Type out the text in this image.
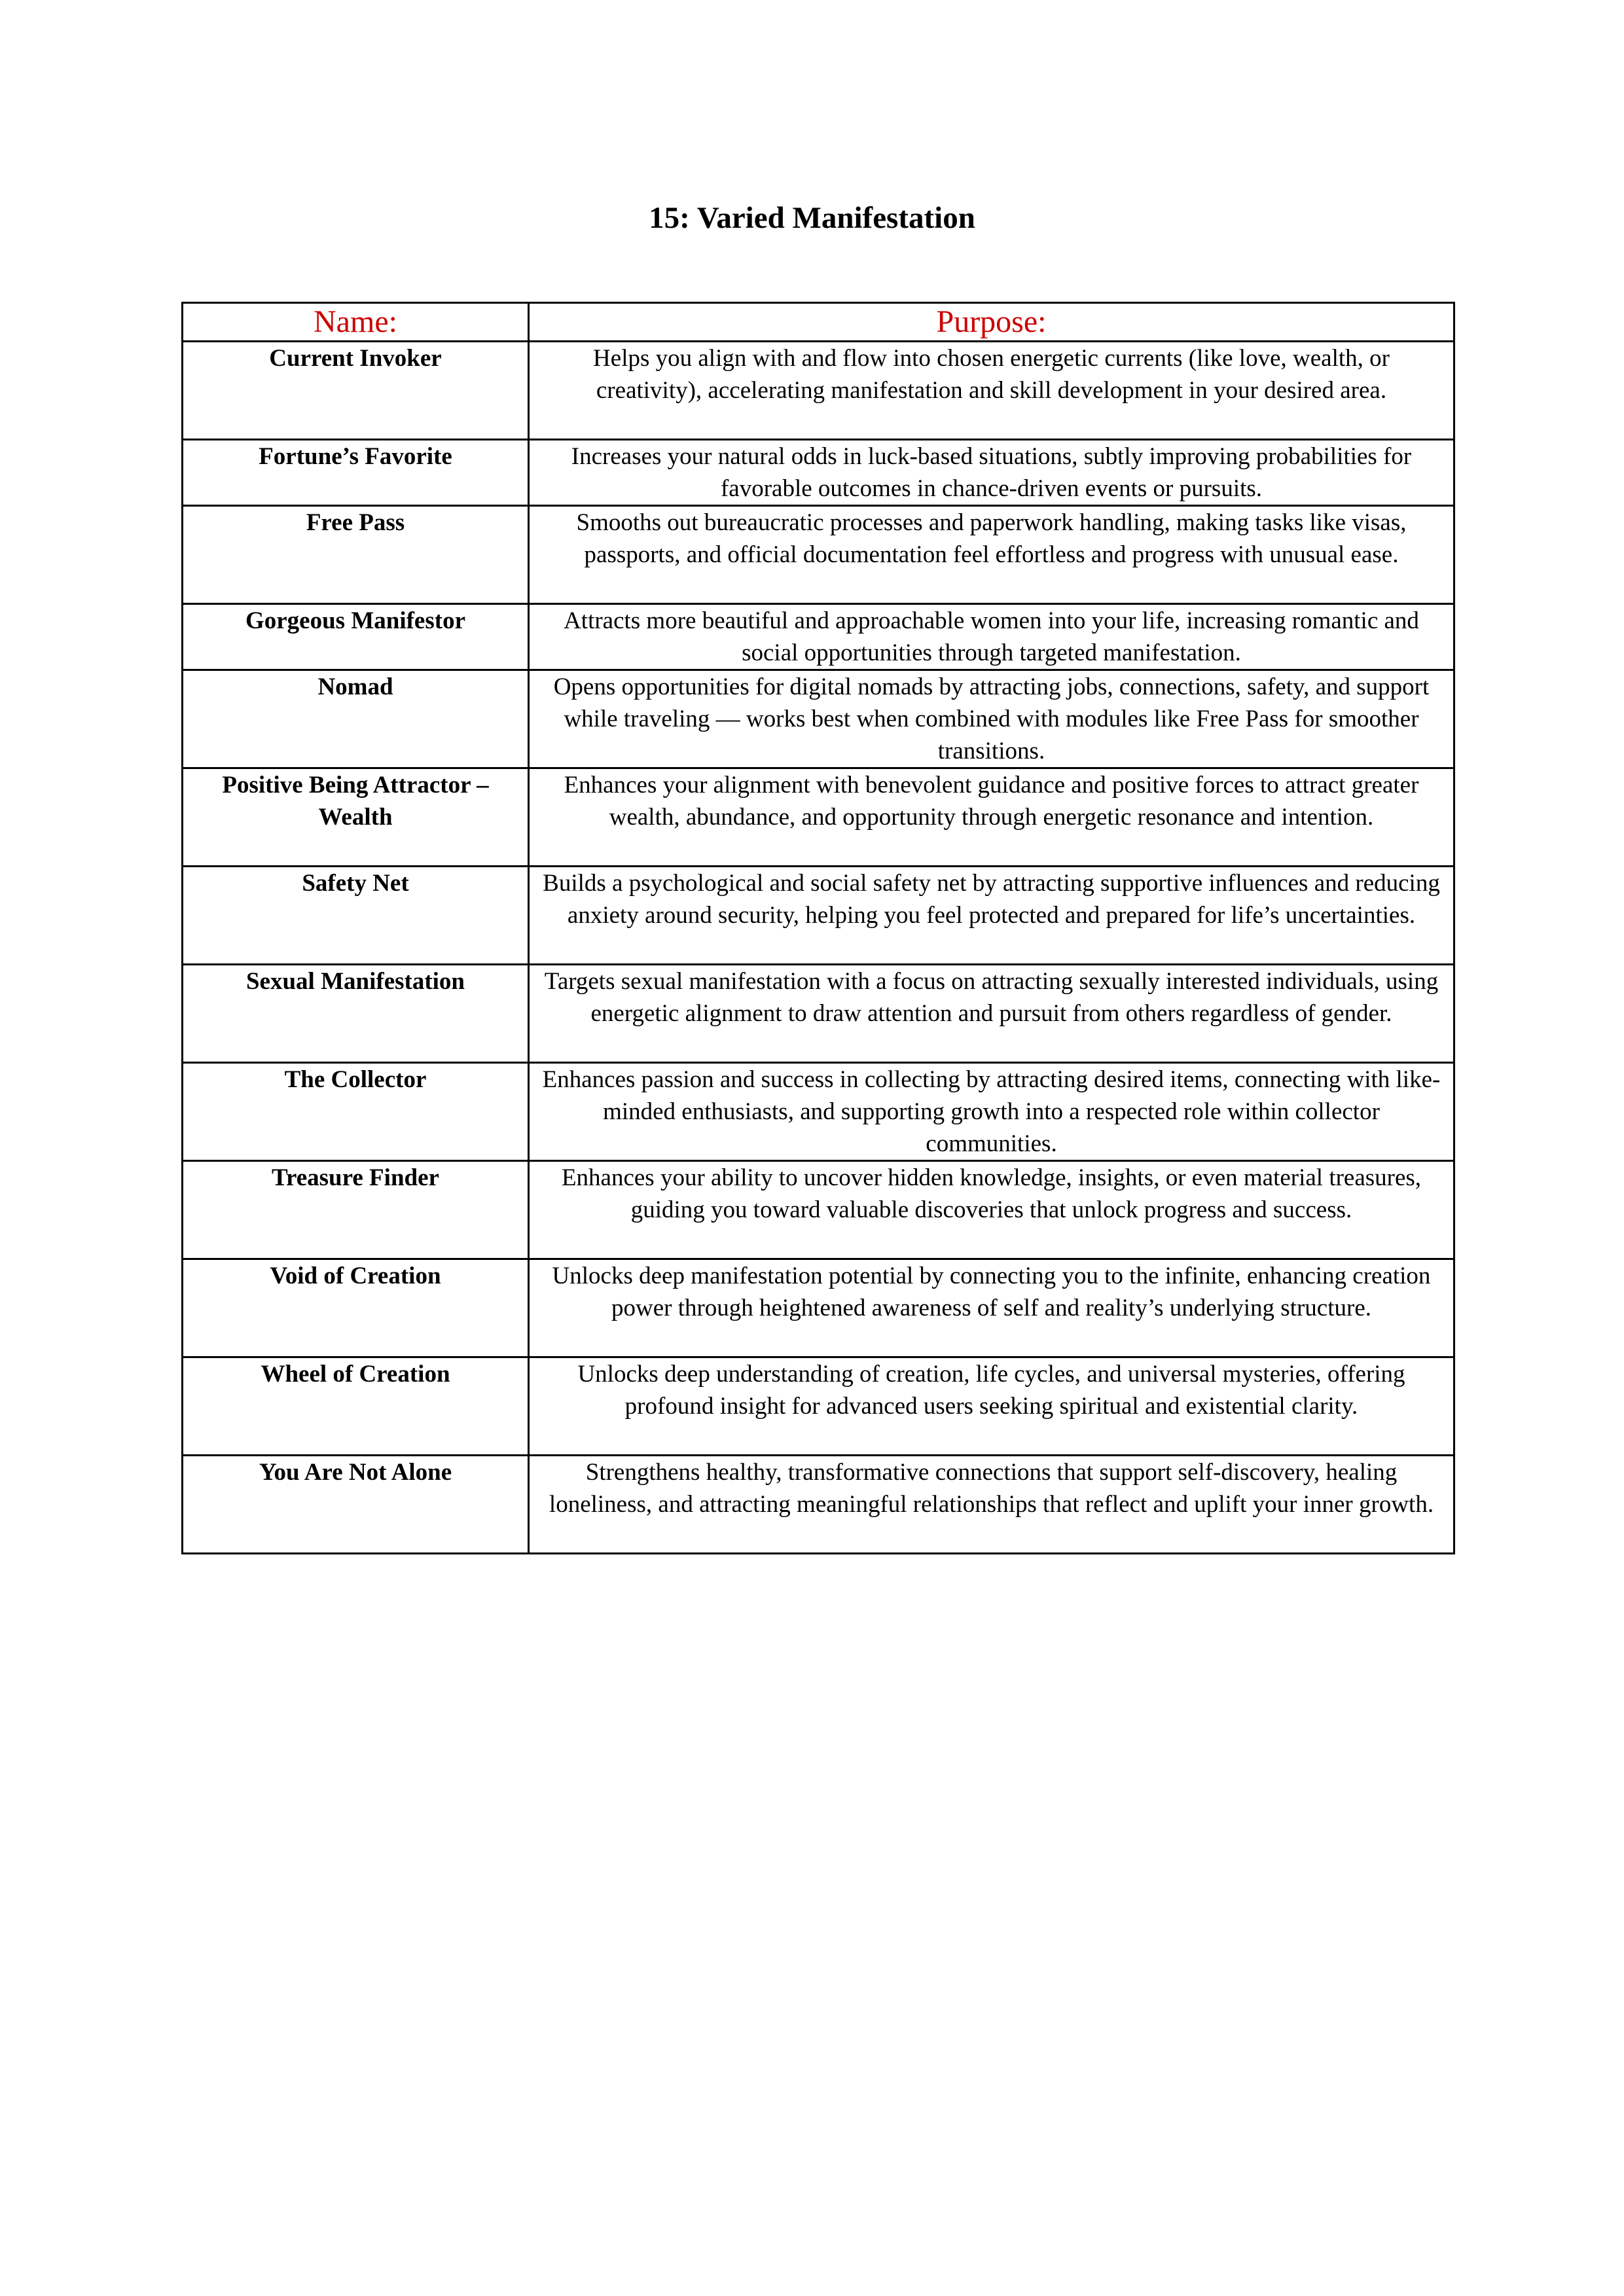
15: Varied Manifestation
Name:	Purpose:
Current Invoker	Helps you align with and flow into chosen energetic currents (like love, wealth, or creativity), accelerating manifestation and skill development in your desired area.
Fortune’s Favorite	Increases your natural odds in luck-based situations, subtly improving probabilities for favorable outcomes in chance-driven events or pursuits.
Free Pass	Smooths out bureaucratic processes and paperwork handling, making tasks like visas, passports, and official documentation feel effortless and progress with unusual ease.
Gorgeous Manifestor	Attracts more beautiful and approachable women into your life, increasing romantic and social opportunities through targeted manifestation.
Nomad	Opens opportunities for digital nomads by attracting jobs, connections, safety, and support while traveling — works best when combined with modules like Free Pass for smoother transitions.
Positive Being Attractor – Wealth	Enhances your alignment with benevolent guidance and positive forces to attract greater wealth, abundance, and opportunity through energetic resonance and intention.
Safety Net	Builds a psychological and social safety net by attracting supportive influences and reducing anxiety around security, helping you feel protected and prepared for life’s uncertainties.
Sexual Manifestation	Targets sexual manifestation with a focus on attracting sexually interested individuals, using energetic alignment to draw attention and pursuit from others regardless of gender.
The Collector	Enhances passion and success in collecting by attracting desired items, connecting with like-minded enthusiasts, and supporting growth into a respected role within collector communities.
Treasure Finder	Enhances your ability to uncover hidden knowledge, insights, or even material treasures, guiding you toward valuable discoveries that unlock progress and success.
Void of Creation	Unlocks deep manifestation potential by connecting you to the infinite, enhancing creation power through heightened awareness of self and reality’s underlying structure.
Wheel of Creation	Unlocks deep understanding of creation, life cycles, and universal mysteries, offering profound insight for advanced users seeking spiritual and existential clarity.
You Are Not Alone	Strengthens healthy, transformative connections that support self-discovery, healing loneliness, and attracting meaningful relationships that reflect and uplift your inner growth.
